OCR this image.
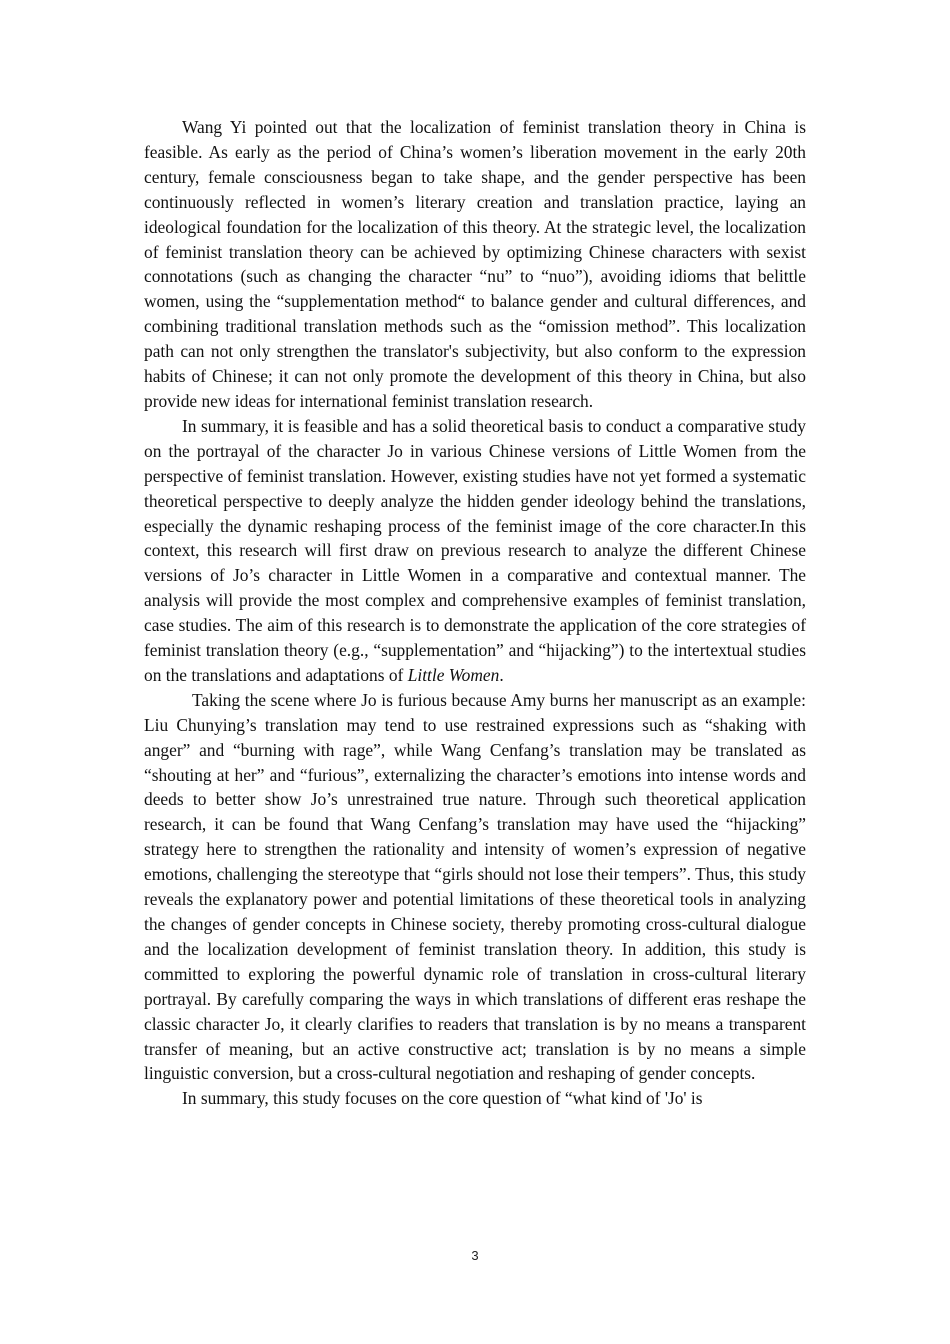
Wang Yi pointed out that the localization of feminist translation theory in China is feasible. As early as the period of China’s women’s liberation movement in the early 20th century, female consciousness began to take shape, and the gender perspective has been continuously reflected in women’s literary creation and translation practice, laying an ideological foundation for the localization of this theory. At the strategic level, the localization of feminist translation theory can be achieved by optimizing Chinese characters with sexist connotations (such as changing the character “nu” to “nuo”), avoiding idioms that belittle women, using the “supplementation method“ to balance gender and cultural differences, and combining traditional translation methods such as the “omission method”. This localization path can not only strengthen the translator's subjectivity, but also conform to the expression habits of Chinese; it can not only promote the development of this theory in China, but also provide new ideas for international feminist translation research.

In summary, it is feasible and has a solid theoretical basis to conduct a comparative study on the portrayal of the character Jo in various Chinese versions of Little Women from the perspective of feminist translation. However, existing studies have not yet formed a systematic theoretical perspective to deeply analyze the hidden gender ideology behind the translations, especially the dynamic reshaping process of the feminist image of the core character.In this context, this research will first draw on previous research to analyze the different Chinese versions of Jo’s character in Little Women in a comparative and contextual manner. The analysis will provide the most complex and comprehensive examples of feminist translation, case studies. The aim of this research is to demonstrate the application of the core strategies of feminist translation theory (e.g., “supplementation” and “hijacking”) to the intertextual studies on the translations and adaptations of Little Women.

Taking the scene where Jo is furious because Amy burns her manuscript as an example: Liu Chunying’s translation may tend to use restrained expressions such as “shaking with anger” and “burning with rage”, while Wang Cenfang’s translation may be translated as “shouting at her” and “furious”, externalizing the character’s emotions into intense words and deeds to better show Jo’s unrestrained true nature. Through such theoretical application research, it can be found that Wang Cenfang’s translation may have used the “hijacking” strategy here to strengthen the rationality and intensity of women’s expression of negative emotions, challenging the stereotype that “girls should not lose their tempers”. Thus, this study reveals the explanatory power and potential limitations of these theoretical tools in analyzing the changes of gender concepts in Chinese society, thereby promoting cross-cultural dialogue and the localization development of feminist translation theory. In addition, this study is committed to exploring the powerful dynamic role of translation in cross-cultural literary portrayal. By carefully comparing the ways in which translations of different eras reshape the classic character Jo, it clearly clarifies to readers that translation is by no means a transparent transfer of meaning, but an active constructive act; translation is by no means a simple linguistic conversion, but a cross-cultural negotiation and reshaping of gender concepts.

In summary, this study focuses on the core question of “what kind of 'Jo' is

3
